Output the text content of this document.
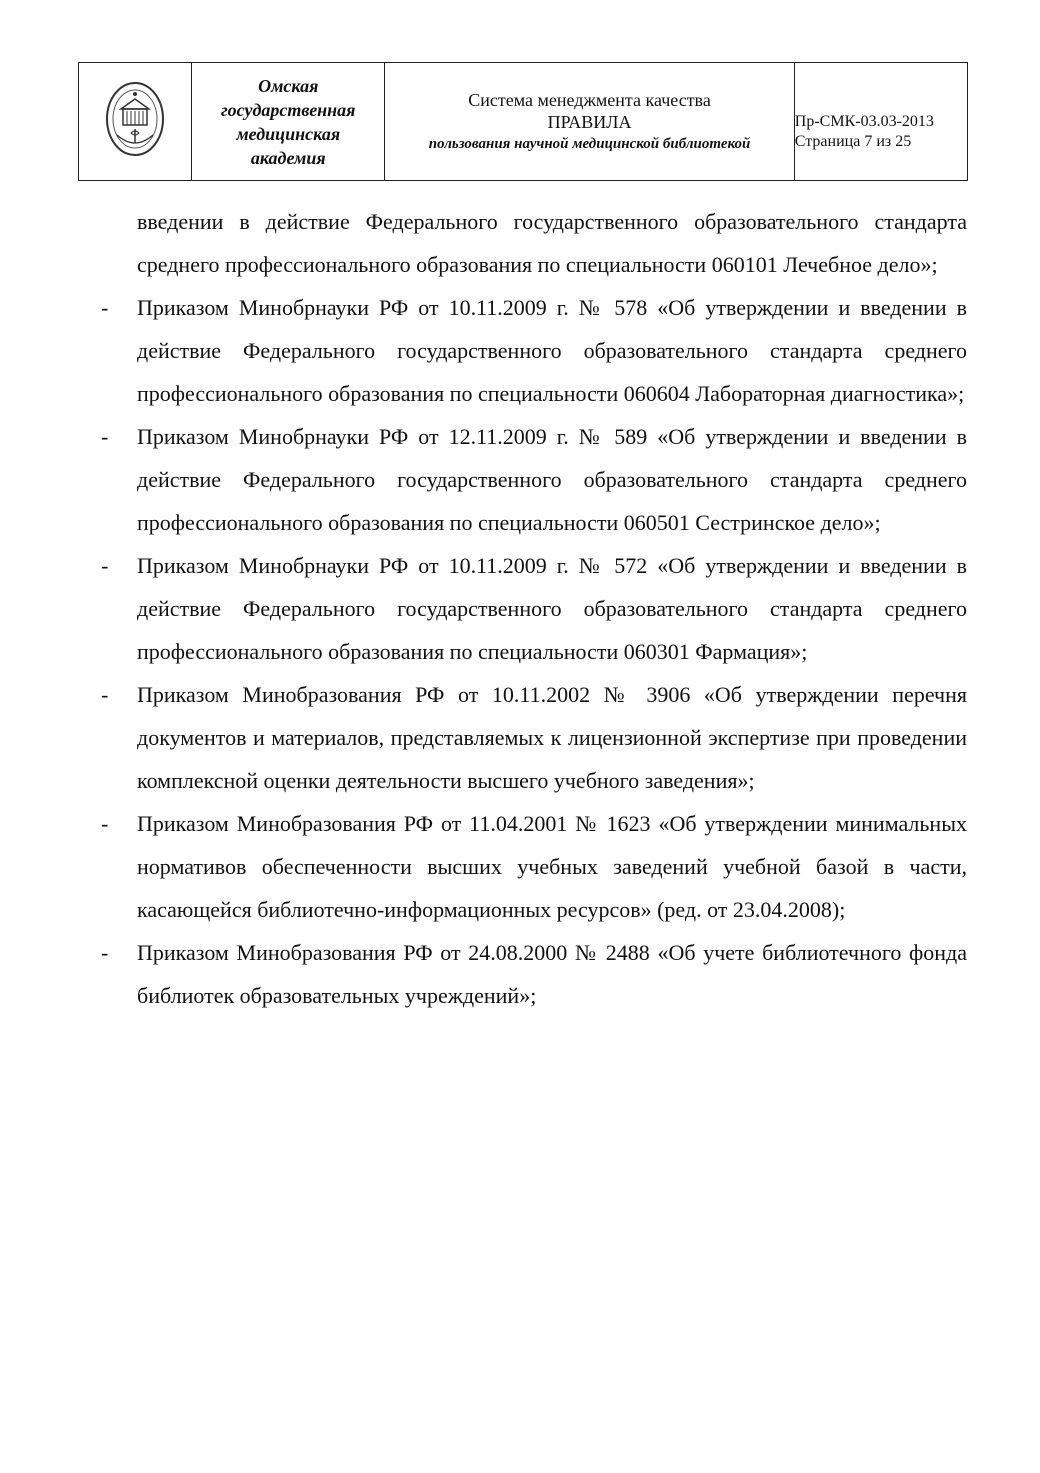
Омская государственная медицинская академия

Система менеджмента качества
ПРАВИЛА
пользования научной медицинской библиотекой

Пр-СМК-03.03-2013
Страница 7 из 25

введении в действие Федерального государственного образовательного стандарта среднего профессионального образования по специальности 060101 Лечебное дело»;

- Приказом Минобрнауки РФ от 10.11.2009 г. № 578 «Об утверждении и введении в действие Федерального государственного образовательного стандарта среднего профессионального образования по специальности 060604 Лабораторная диагностика»;

- Приказом Минобрнауки РФ от 12.11.2009 г. № 589 «Об утверждении и введении в действие Федерального государственного образовательного стандарта среднего профессионального образования по специальности 060501 Сестринское дело»;

- Приказом Минобрнауки РФ от 10.11.2009 г. № 572 «Об утверждении и введении в действие Федерального государственного образовательного стандарта среднего профессионального образования по специальности 060301 Фармация»;

- Приказом Минобразования РФ от 10.11.2002 № 3906 «Об утверждении перечня документов и материалов, представляемых к лицензионной экспертизе при проведении комплексной оценки деятельности высшего учебного заведения»;

- Приказом Минобразования РФ от 11.04.2001 № 1623 «Об утверждении минимальных нормативов обеспеченности высших учебных заведений учебной базой в части, касающейся библиотечно-информационных ресурсов» (ред. от 23.04.2008);

- Приказом Минобразования РФ от 24.08.2000 № 2488 «Об учете библиотечного фонда библиотек образовательных учреждений»;
